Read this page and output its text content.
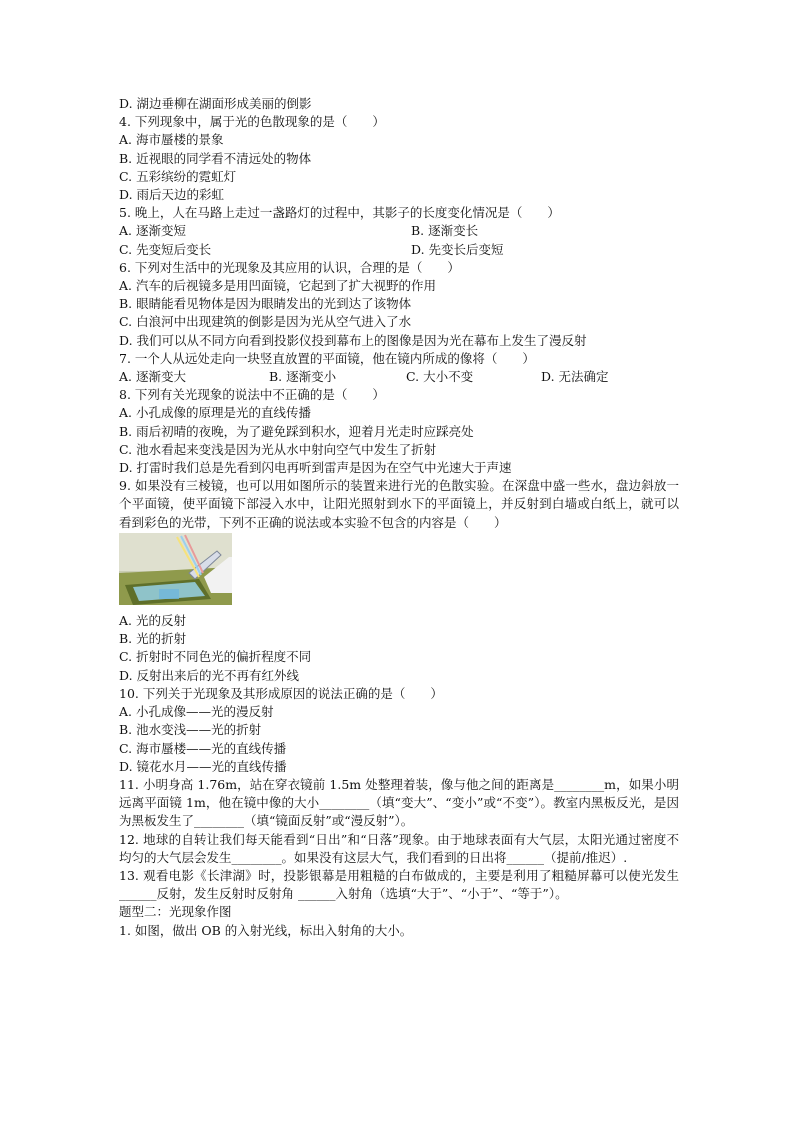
D. 湖边垂柳在湖面形成美丽的倒影
4. 下列现象中，属于光的色散现象的是（　　）
A. 海市蜃楼的景象
B. 近视眼的同学看不清远处的物体
C. 五彩缤纷的霓虹灯
D. 雨后天边的彩虹
5. 晚上，人在马路上走过一盏路灯的过程中，其影子的长度变化情况是（　　）
A. 逐渐变短	B. 逐渐变长
C. 先变短后变长	D. 先变长后变短
6. 下列对生活中的光现象及其应用的认识，合理的是（　　）
A. 汽车的后视镜多是用凹面镜，它起到了扩大视野的作用
B. 眼睛能看见物体是因为眼睛发出的光到达了该物体
C. 白浪河中出现建筑的倒影是因为光从空气进入了水
D. 我们可以从不同方向看到投影仪投到幕布上的图像是因为光在幕布上发生了漫反射
7. 一个人从远处走向一块竖直放置的平面镜，他在镜内所成的像将（　　）
A. 逐渐变大	B. 逐渐变小	C. 大小不变	D. 无法确定
8. 下列有关光现象的说法中不正确的是（　　）
A. 小孔成像的原理是光的直线传播
B. 雨后初晴的夜晚，为了避免踩到积水，迎着月光走时应踩亮处
C. 池水看起来变浅是因为光从水中射向空气中发生了折射
D. 打雷时我们总是先看到闪电再听到雷声是因为在空气中光速大于声速
9. 如果没有三棱镜，也可以用如图所示的装置来进行光的色散实验。在深盘中盛一些水，盘边斜放一个平面镜，使平面镜下部浸入水中，让阳光照射到水下的平面镜上，并反射到白墙或白纸上，就可以看到彩色的光带，下列不正确的说法或本实验不包含的内容是（　　）
A. 光的反射
B. 光的折射
C. 折射时不同色光的偏折程度不同
D. 反射出来后的光不再有红外线
10. 下列关于光现象及其形成原因的说法正确的是（　　）
A. 小孔成像——光的漫反射
B. 池水变浅——光的折射
C. 海市蜃楼——光的直线传播
D. 镜花水月——光的直线传播
11. 小明身高 1.76m，站在穿衣镜前 1.5m 处整理着装，像与他之间的距离是________m，如果小明远离平面镜 1m，他在镜中像的大小________（填“变大”、“变小”或“不变”）。教室内黑板反光，是因为黑板发生了________（填“镜面反射”或“漫反射”）。
12. 地球的自转让我们每天能看到“日出”和“日落”现象。由于地球表面有大气层，太阳光通过密度不均匀的大气层会发生________。如果没有这层大气，我们看到的日出将______（提前/推迟）.
13. 观看电影《长津湖》时，投影银幕是用粗糙的白布做成的，主要是利用了粗糙屏幕可以使光发生 ______反射，发生反射时反射角 ______入射角（选填“大于”、“小于”、“等于”）。
题型二：光现象作图
1. 如图，做出 OB 的入射光线，标出入射角的大小。
